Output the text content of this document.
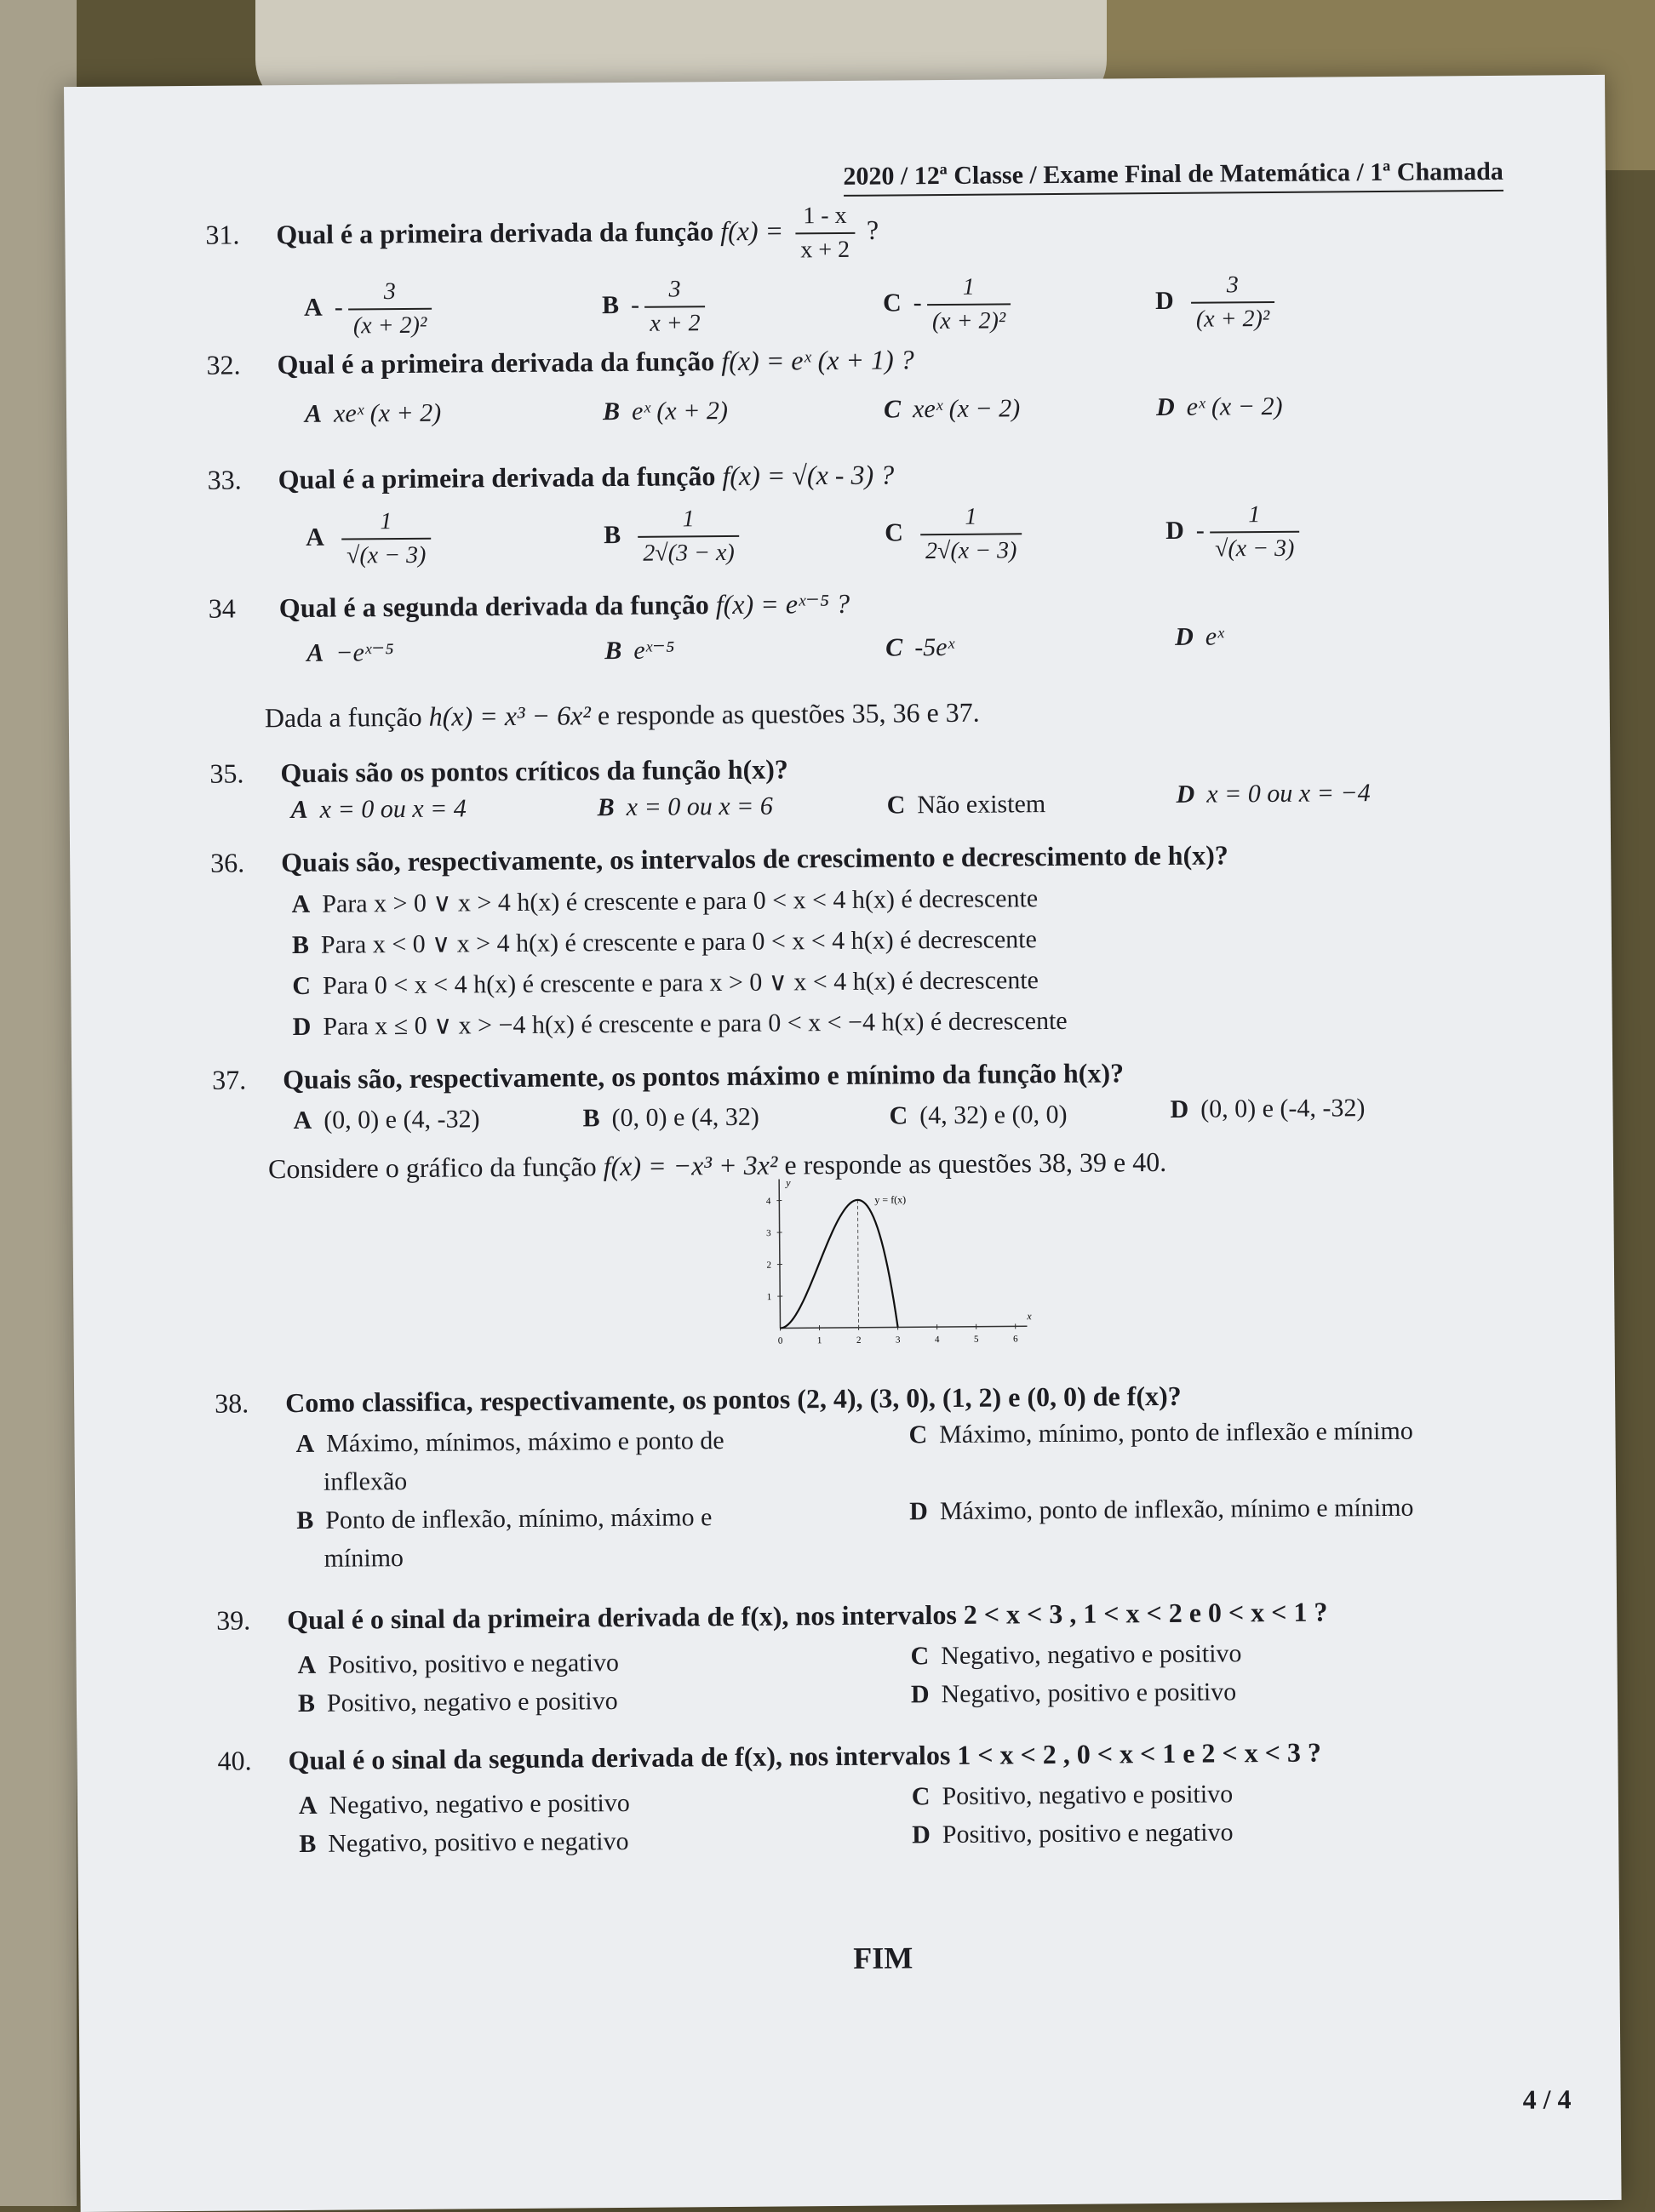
2020 / 12ª Classe / Exame Final de Matemática / 1ª Chamada
31. Qual é a primeira derivada da função $f(x) = \frac{1 - x}{x + 2}$ ?
A - $\frac{3}{\text{(x + 2)²}}$	B - $\frac{3}{x + 2}$	C - $\frac{1}{\text{(x + 2)²}}$	D $\frac{3}{\text{(x + 2)²}}$
32. Qual é a primeira derivada da função f(x) = eˣ (x + 1) ?
A xeˣ (x + 2)	B eˣ (x + 2)	C xeˣ (x − 2)	D eˣ (x − 2)
33. Qual é a primeira derivada da função f(x) = √(x - 3) ?
A $\frac{1}{√(x - 3)}$	B $\frac{1}{2√(3 - x)}$	C $\frac{1}{2√(x - 3)}$	D - $\frac{1}{√(x - 3)}$
34 Qual é a segunda derivada da função f(x) = eˣ⁻⁵ ?
A −eˣ⁻⁵	B eˣ⁻⁵	C -5eˣ	D eˣ
Dada a função h(x) = x³ − 6x² e responde as questões 35, 36 e 37.
35. Quais são os pontos críticos da função h(x)?
A x = 0 ou x = 4	B x = 0 ou x = 6	C Não existem	D x = 0 ou x = −4
36. Quais são, respectivamente, os intervalos de crescimento e decrescimento de h(x)?
A Para x > 0 ∨ x > 4 h(x) é crescente e para 0 < x < 4 h(x) é decrescente
B Para x < 0 ∨ x > 4 h(x) é crescente e para 0 < x < 4 h(x) é decrescente
C Para 0 < x < 4 h(x) é crescente e para x > 0 ∨ x < 4 h(x) é decrescente
D Para x ≤ 0 ∨ x > −4 h(x) é crescente e para 0 < x < −4 h(x) é decrescente
37. Quais são, respectivamente, os pontos máximo e mínimo da função h(x)?
A (0, 0) e (4, -32)	B (0, 0) e (4, 32)	C (4, 32) e (0, 0)	D (0, 0) e (-4, -32)
Considere o gráfico da função f(x) = −x³ + 3x² e responde as questões 38, 39 e 40.
0	1	2	3	4	5	6
1
2
3
4
x
y
y = f(x)
38. Como classifica, respectivamente, os pontos (2, 4), (3, 0), (1, 2) e (0, 0) de f(x)?
A Máximo, mínimos, máximo e ponto de
inflexão
C Máximo, mínimo, ponto de inflexão e mínimo
B Ponto de inflexão, mínimo, máximo e
mínimo
D Máximo, ponto de inflexão, mínimo e mínimo
39. Qual é o sinal da primeira derivada de f(x), nos intervalos 2 < x < 3 , 1 < x < 2 e 0 < x < 1 ?
A Positivo, positivo e negativo
B Positivo, negativo e positivo
C Negativo, negativo e positivo
D Negativo, positivo e positivo
40. Qual é o sinal da segunda derivada de f(x), nos intervalos 1 < x < 2 , 0 < x < 1 e 2 < x < 3 ?
A Negativo, negativo e positivo
B Negativo, positivo e negativo
C Positivo, negativo e positivo
D Positivo, positivo e negativo
FIM
4 / 4
